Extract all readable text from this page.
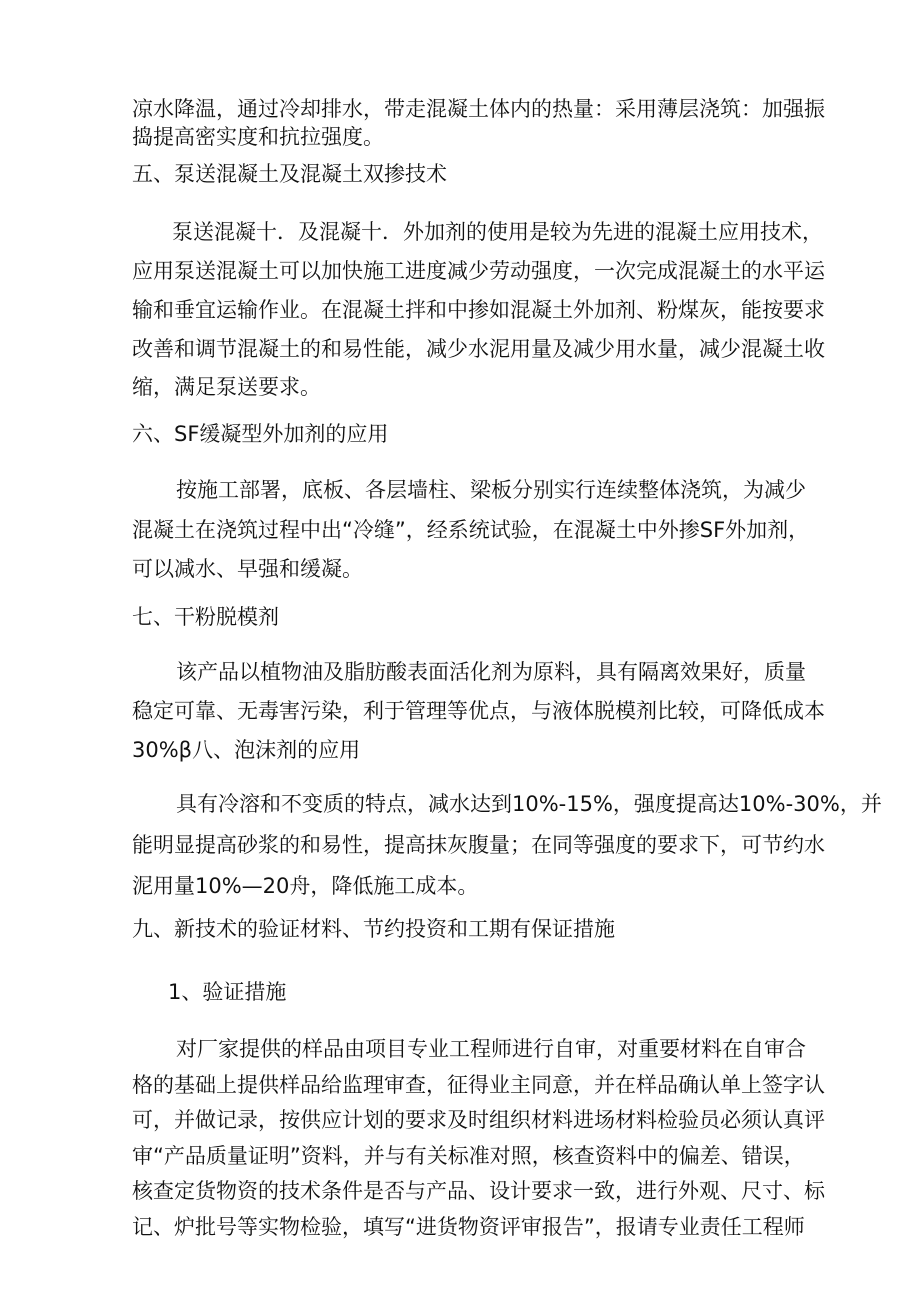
凉水降温，通过冷却排水，带走混凝土体内的热量：采用薄层浇筑：加强振
捣提高密实度和抗拉强度。
五、泵送混凝土及混凝土双掺技术
泵送混凝十．及混凝十．外加剂的使用是较为先进的混凝土应用技术，
应用泵送混凝土可以加快施工进度减少劳动强度，一次完成混凝土的水平运
输和垂宜运输作业。在混凝土拌和中掺如混凝土外加剂、粉煤灰，能按要求
改善和调节混凝土的和易性能，减少水泥用量及减少用水量，减少混凝土收
缩，满足泵送要求。
六、SF缓凝型外加剂的应用
按施工部署，底板、各层墙柱、梁板分别实行连续整体浇筑，为减少
混凝土在浇筑过程中出“冷缝”，经系统试验，在混凝土中外掺SF外加剂，
可以减水、早强和缓凝。
七、干粉脱模剂
该产品以植物油及脂肪酸表面活化剂为原料，具有隔离效果好，质量
稳定可靠、无毒害污染，利于管理等优点，与液体脱模剂比较，可降低成本
30%β八、泡沫剂的应用
具有冷溶和不变质的特点，减水达到10%-15%，强度提高达10%-30%，并
能明显提高砂浆的和易性，提高抹灰腹量；在同等强度的要求下，可节约水
泥用量10%—20舟，降低施工成本。
九、新技术的验证材料、节约投资和工期有保证措施
1、验证措施
对厂家提供的样品由项目专业工程师进行自审，对重要材料在自审合
格的基础上提供样品给监理审查，征得业主同意，并在样品确认单上签字认
可，并做记录，按供应计划的要求及时组织材料进场材料检验员必须认真评
审“产品质量证明”资料，并与有关标准对照，核查资料中的偏差、错误，
核查定货物资的技术条件是否与产品、设计要求一致，进行外观、尺寸、标
记、炉批号等实物检验，填写“进货物资评审报告”，报请专业责任工程师
